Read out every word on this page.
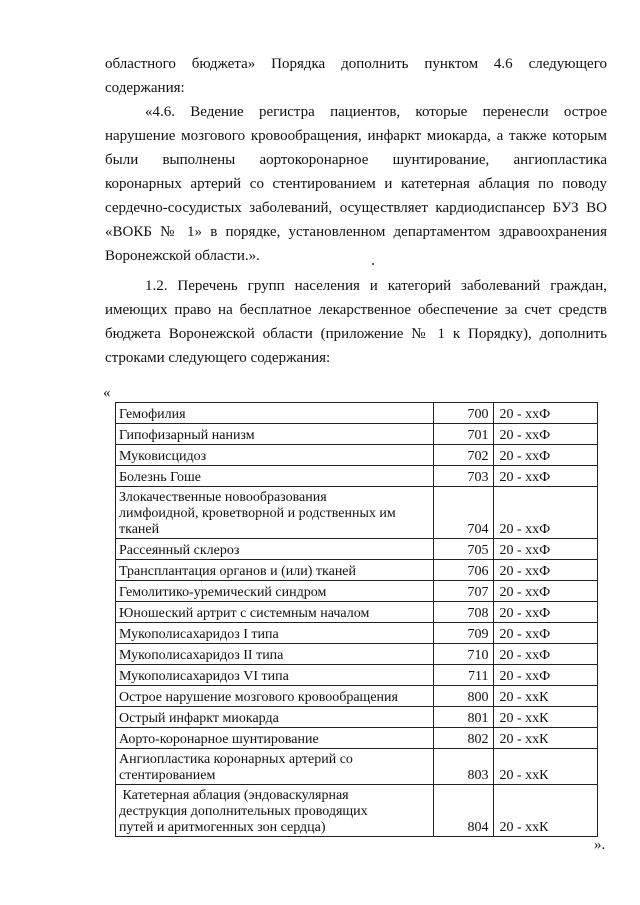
областного бюджета» Порядка дополнить пунктом 4.6 следующего
содержания:
«4.6. Ведение регистра пациентов, которые перенесли острое
нарушение мозгового кровообращения, инфаркт миокарда, а также которым
были выполнены аортокоронарное шунтирование, ангиопластика
коронарных артерий со стентированием и катетерная аблация по поводу
сердечно-сосудистых заболеваний, осуществляет кардиодиспансер БУЗ ВО
«ВОКБ № 1» в порядке, установленном департаментом здравоохранения
Воронежской области.».
1.2. Перечень групп населения и категорий заболеваний граждан,
имеющих право на бесплатное лекарственное обеспечение за счет средств
бюджета Воронежской области (приложение № 1 к Порядку), дополнить
строками следующего содержания:
«
Гемофилия	700	20 - ххФ

Гипофизарный нанизм	701	20 - ххФ

Муковисцидоз	702	20 - ххФ

Болезнь Гоше	703	20 - ххФ

Злокачественные новообразования
лимфоидной, кроветворной и родственных им
тканей	704	20 - ххФ

Рассеянный склероз	705	20 - ххФ

Трансплантация органов и (или) тканей	706	20 - ххФ

Гемолитико-уремический синдром	707	20 - ххФ

Юношеский артрит с системным началом	708	20 - ххФ

Мукополисахаридоз I типа	709	20 - ххФ

Мукополисахаридоз II типа	710	20 - ххФ

Мукополисахаридоз VI типа	711	20 - ххФ

Острое нарушение мозгового кровообращения	800	20 - ххК

Острый инфаркт миокарда	801	20 - ххК

Аорто-коронарное шунтирование	802	20 - ххК

Ангиопластика коронарных артерий со
стентированием	803	20 - ххК

Катетерная аблация (эндоваскулярная
деструкция дополнительных проводящих
путей и аритмогенных зон сердца)	804	20 - ххК
».
